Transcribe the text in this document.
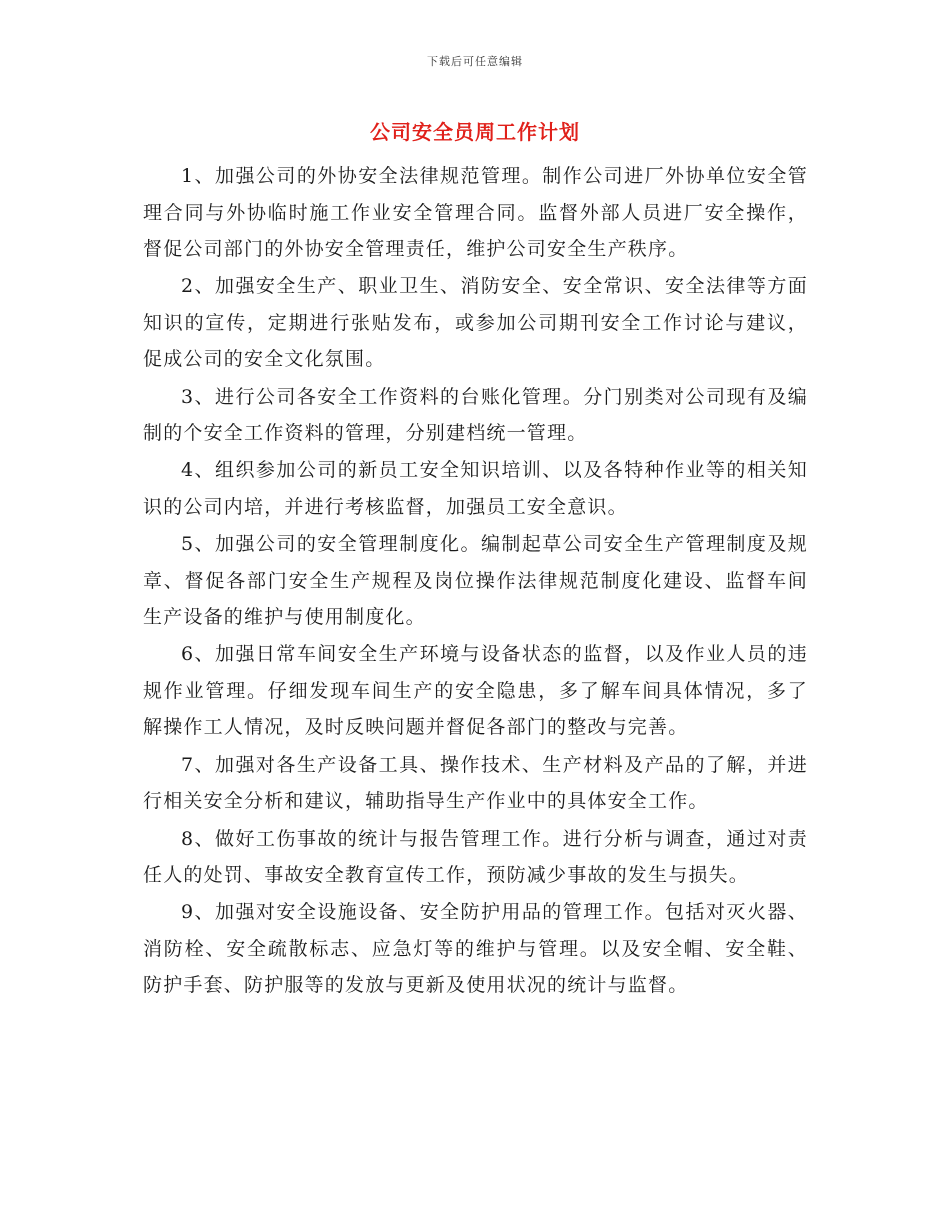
下载后可任意编辑
公司安全员周工作计划

1、加强公司的外协安全法律规范管理。制作公司进厂外协单位安全管理合同与外协临时施工作业安全管理合同。监督外部人员进厂安全操作，督促公司部门的外协安全管理责任，维护公司安全生产秩序。

2、加强安全生产、职业卫生、消防安全、安全常识、安全法律等方面知识的宣传，定期进行张贴发布，或参加公司期刊安全工作讨论与建议，促成公司的安全文化氛围。

3、进行公司各安全工作资料的台账化管理。分门别类对公司现有及编制的个安全工作资料的管理，分别建档统一管理。

4、组织参加公司的新员工安全知识培训、以及各特种作业等的相关知识的公司内培，并进行考核监督，加强员工安全意识。

5、加强公司的安全管理制度化。编制起草公司安全生产管理制度及规章、督促各部门安全生产规程及岗位操作法律规范制度化建设、监督车间生产设备的维护与使用制度化。

6、加强日常车间安全生产环境与设备状态的监督，以及作业人员的违规作业管理。仔细发现车间生产的安全隐患，多了解车间具体情况，多了解操作工人情况，及时反映问题并督促各部门的整改与完善。

7、加强对各生产设备工具、操作技术、生产材料及产品的了解，并进行相关安全分析和建议，辅助指导生产作业中的具体安全工作。

8、做好工伤事故的统计与报告管理工作。进行分析与调查，通过对责任人的处罚、事故安全教育宣传工作，预防减少事故的发生与损失。

9、加强对安全设施设备、安全防护用品的管理工作。包括对灭火器、消防栓、安全疏散标志、应急灯等的维护与管理。以及安全帽、安全鞋、防护手套、防护服等的发放与更新及使用状况的统计与监督。
